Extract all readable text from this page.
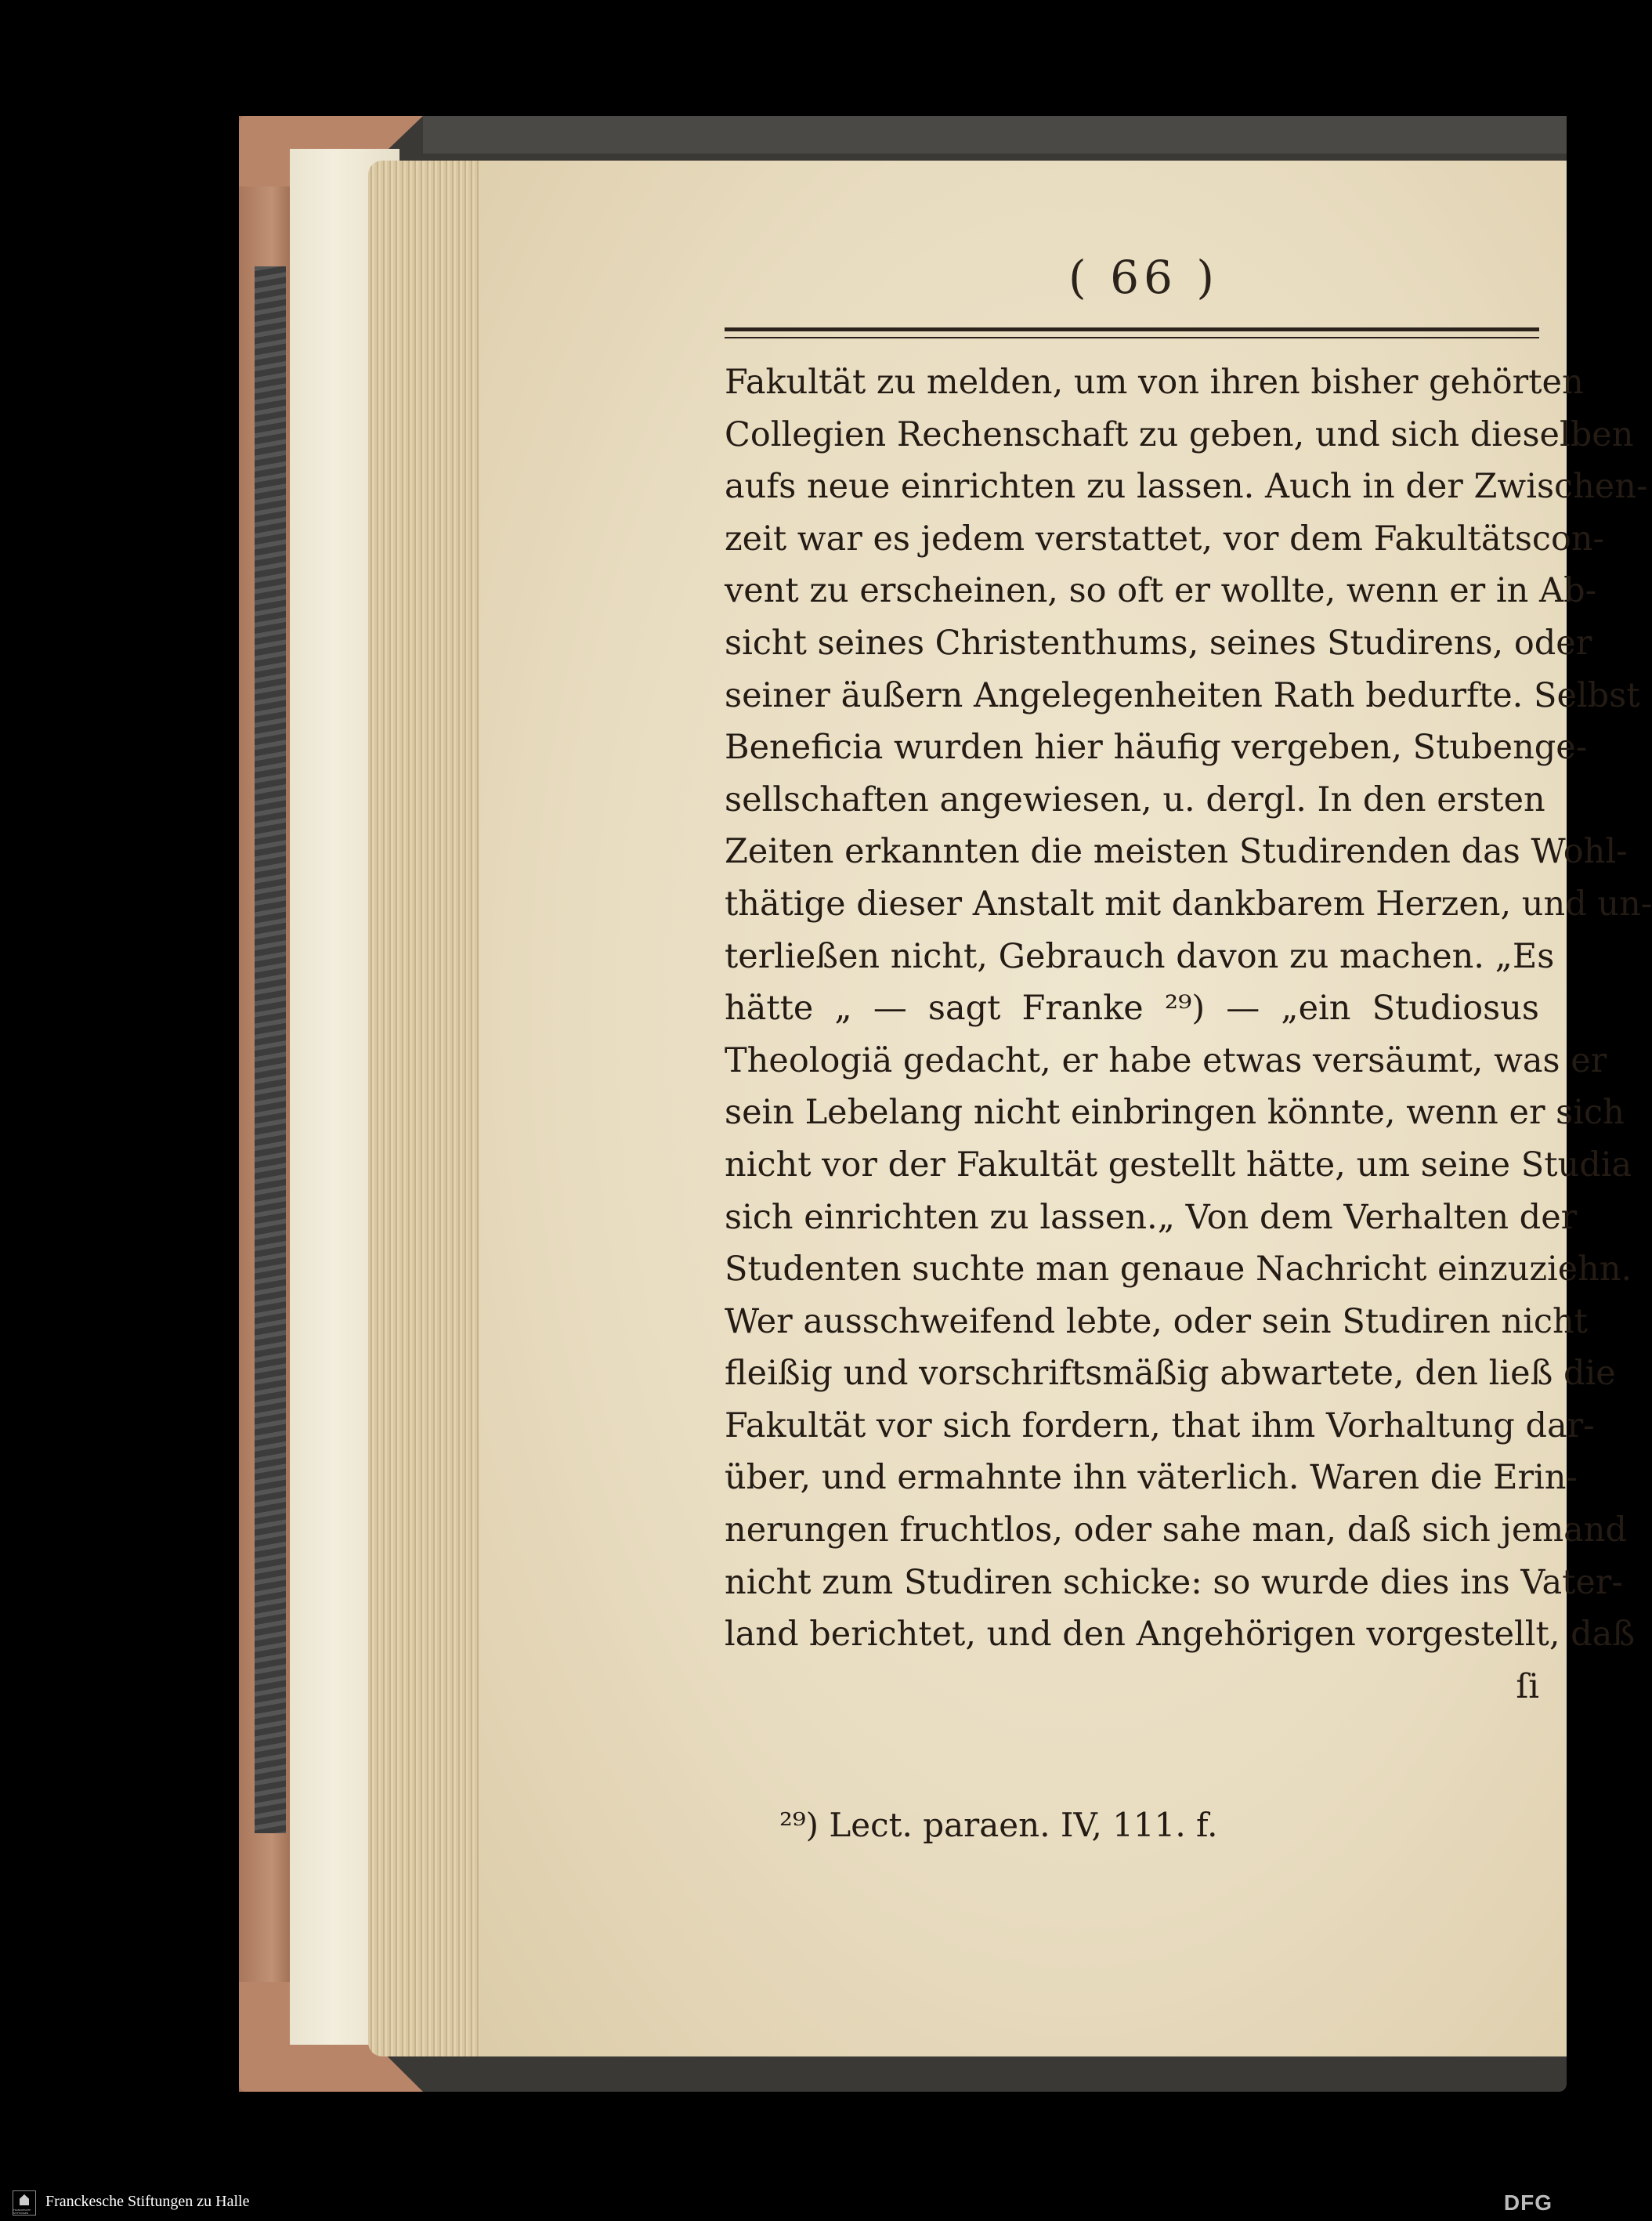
( 66 )
Fakultät zu melden, um von ihren bisher gehörten
Collegien Rechenschaft zu geben, und sich dieselben
aufs neue einrichten zu lassen. Auch in der Zwischen-
zeit war es jedem verstattet, vor dem Fakultätscon-
vent zu erscheinen, so oft er wollte, wenn er in Ab-
sicht seines Christenthums, seines Studirens, oder
seiner äußern Angelegenheiten Rath bedurfte. Selbst
Beneficia wurden hier häufig vergeben, Stubenge-
sellschaften angewiesen, u. dergl. In den ersten
Zeiten erkannten die meisten Studirenden das Wohl-
thätige dieser Anstalt mit dankbarem Herzen, und un-
terließen nicht, Gebrauch davon zu machen. „Es
hätte „ — sagt Franke ²⁹) — „ein Studiosus
Theologiä gedacht, er habe etwas versäumt, was er
sein Lebelang nicht einbringen könnte, wenn er sich
nicht vor der Fakultät gestellt hätte, um seine Studia
sich einrichten zu lassen.„ Von dem Verhalten der
Studenten suchte man genaue Nachricht einzuziehn.
Wer ausschweifend lebte, oder sein Studiren nicht
fleißig und vorschriftsmäßig abwartete, den ließ die
Fakultät vor sich fordern, that ihm Vorhaltung dar-
über, und ermahnte ihn väterlich. Waren die Erin-
nerungen fruchtlos, oder sahe man, daß sich jemand
nicht zum Studiren schicke: so wurde dies ins Vater-
land berichtet, und den Angehörigen vorgestellt, daß
ſi
²⁹) Lect. paraen. IV, 111. f.
FRANCKESCHE STIFTUNGEN
Franckesche Stiftungen zu Halle	DFG
